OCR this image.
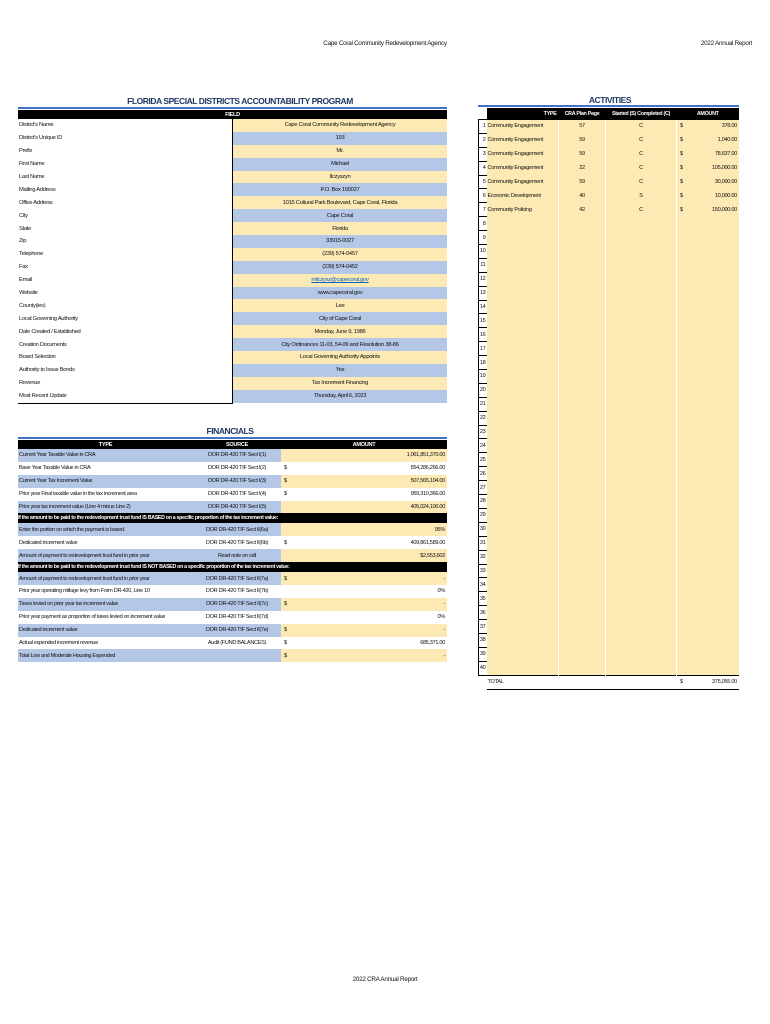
Cape Coral Community Redevelopment Agency	2022 Annual Report
FLORIDA SPECIAL DISTRICTS ACCOUNTABILITY PROGRAM
FIELD	
District's Name	Cape Coral Community Redevelopment Agency
District's Unique ID	193
Prefix	Mr.
First Name	Michael
Last Name	Ilczyszyn
Mailing Address	P.O. Box 150027
Office Address	1015 Cultural Park Boulevard, Cape Coral, Florida
City	Cape Coral
State	Florida
Zip	33915-0027
Telephone	(239) 574-0457
Fax	(239) 574-0452
Email	milczysz@capecoral.gov
Website	www.capecoral.gov
County(ies)	Lee
Local Governing Authority	City of Cape Coral
Date Created / Established	Monday, June 9, 1986
Creation Documents	City Ordinances 11-03, 54-09 and Resolution 38-86
Board Selection	Local Governing Authority Appoints
Authority to Issue Bonds	Yes
Revenue	Tax Increment Financing
Most Recent Update	Thursday, April 6, 2023
FINANCIALS
TYPE	SOURCE	AMOUNT
Current Year Taxable Value in CRA	DOR DR-420 TIF Sect I(1)	1,061,851,370.00

Base Year Taxable Value in CRA	DOR DR-420 TIF Sect I(2)	$ 554,286,266.00

Current Year Tax Increment Value	DOR DR-420 TIF Sect I(3)	$ 507,565,104.00

Prior year Final taxable value in the tax increment area	DOR DR-420 TIF Sect I(4)	$ 959,310,366.00

Prior year tax increment value (Line 4 minus Line 2)	DOR DR-420 TIF Sect I(5)	405,024,100.00

If the amount to be paid to the redevelopment trust fund IS BASED on a specific proportion of the tax increment value:		
Enter the portion on which the payment is based.	DOR DR-420 TIF Sect II(6a)	95%

Dedicated increment value	DOR DR-420 TIF Sect II(6b)	$ 409,861,589.00

Amount of payment to redevelopment trust fund in prior year	Read note on cell	$2,553,602

If the amount to be paid to the redevelopment trust fund IS NOT BASED on a specific proportion of the tax increment value:		
Amount of payment to redevelopment trust fund in prior year	DOR DR-420 TIF Sect II(7a)	$ -

Prior year operating millage levy from Form DR-420, Line 10	DOR DR-420 TIF Sect II(7b)	0%

Taxes levied on prior year tax increment value	DOR DR-420 TIF Sect II(7c)	$ -

Prior year payment as proportion of taxes levied on increment value	DOR DR-420 TIF Sect II(7d)	0%

Dedicated increment value	DOR DR-420 TIF Sect II(7e)	$ -

Actual expended increment revenue	Audit (FUND BALANCES)	$ 685,371.00

Total Low and Moderate Housing Expended		$ -
ACTIVITIES
	TYPE	CRA Plan Page	Started (S) Completed (C)	AMOUNT	
1	Community Engagement	57	C	$	378.00
2	Community Engagement	59	C	$	1,040.00
3	Community Engagement	59	C	$	78,637.00
4	Community Engagement	22	C	$	105,000.00
5	Community Engagement	59	C	$	30,000.00
6	Economic Development	40	S	$	10,000.00
7	Community Policing	42	C	$	150,000.00
8					
9					
10					
11					
12					
13					
14					
15					
16					
17					
18					
19					
20					
21					
22					
23					
24					
25					
26					
27					
28					
29					
30					
31					
32					
33					
34					
35					
36					
37					
38					
39					
40					
	TOTAL			$	375,055.00
2022 CRA Annual Report
